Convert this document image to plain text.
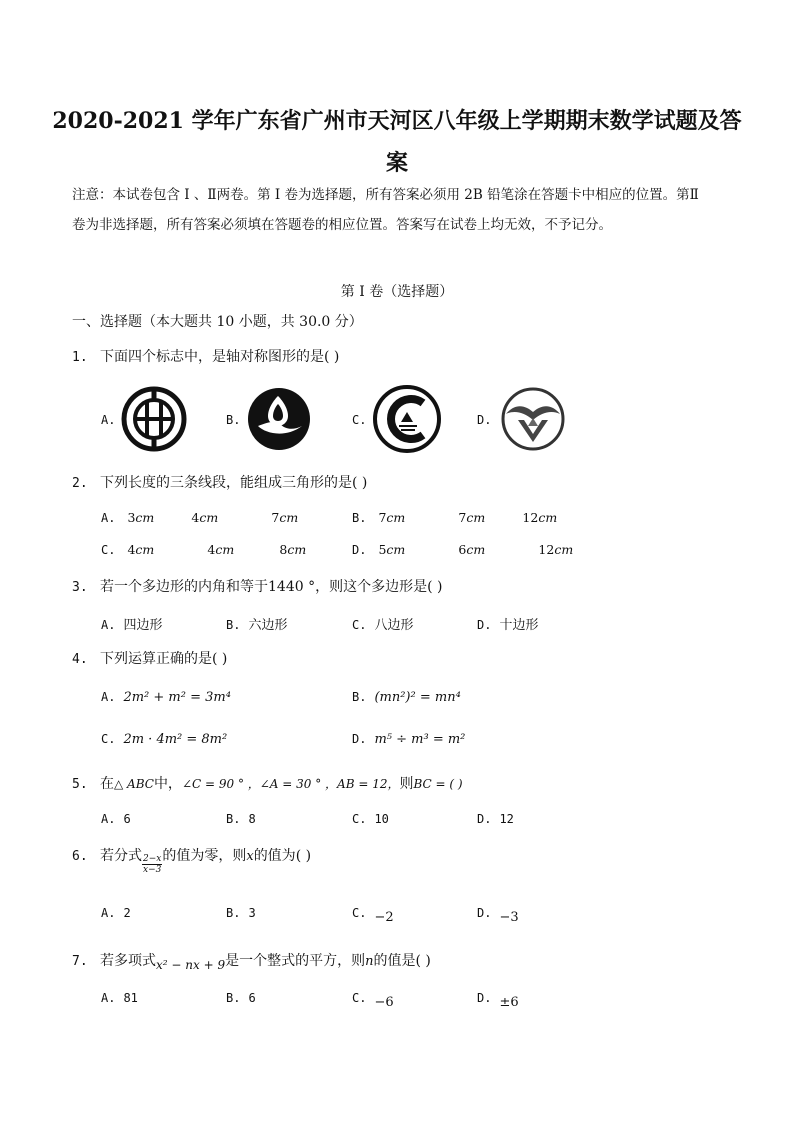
2020-2021 学年广东省广州市天河区八年级上学期期末数学试题及答
案
注意：本试卷包含 Ⅰ 、Ⅱ两卷。第 Ⅰ 卷为选择题，所有答案必须用 2B 铅笔涂在答题卡中相应的位置。第Ⅱ
卷为非选择题，所有答案必须填在答题卷的相应位置。答案写在试卷上均无效，不予记分。
第 Ⅰ 卷（选择题）
一、选择题（本大题共 10 小题，共 30.0 分）
1. 下面四个标志中，是轴对称图形的是( )
A.	B.	C.	D.
2. 下列长度的三条线段，能组成三角形的是( )
A. 3cm	4cm	7cm	B. 7cm	7cm	12cm
C. 4cm	4cm	8cm	D. 5cm	6cm	12cm
3. 若一个多边形的内角和等于1440 °，则这个多边形是( )
A. 四边形	B. 六边形	C. 八边形	D. 十边形
4. 下列运算正确的是( )
A. 2m² + m² = 3m⁴	B. (mn²)² = mn⁴
C. 2m · 4m² = 8m²	D. m⁵ ÷ m³ = m²
5. 在△ ABC中，∠C = 90 ° ，∠A = 30 ° ，AB = 12，则BC = ( )
A. 6	B. 8	C. 10	D. 12
6. 若分式 $\frac{2-x}{x-3}$ 的值为零，则x的值为( )
A. 2	B. 3	C. −2	D. −3
7. 若多项式x² − nx + 9是一个整式的平方，则n的值是( )
A. 81	B. 6	C. −6	D. ±6
